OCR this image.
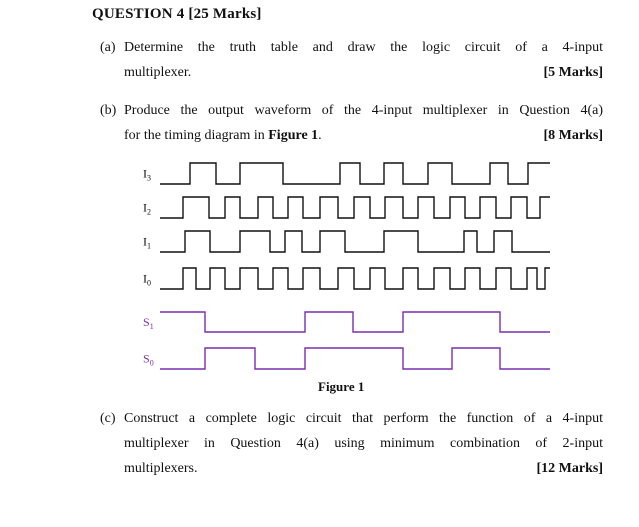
QUESTION 4 [25 Marks]
(a) Determine the truth table and draw the logic circuit of a 4-input
multiplexer.	[5 Marks]
(b) Produce the output waveform of the 4-input multiplexer in Question 4(a)
for the timing diagram in Figure 1.	[8 Marks]
$I_3$
$I_2$
$I_1$
$I_0$
$S_1$
$S_0$
Figure 1
(c) Construct a complete logic circuit that perform the function of a 4-input
multiplexer in Question 4(a) using minimum combination of 2-input
multiplexers.	[12 Marks]
